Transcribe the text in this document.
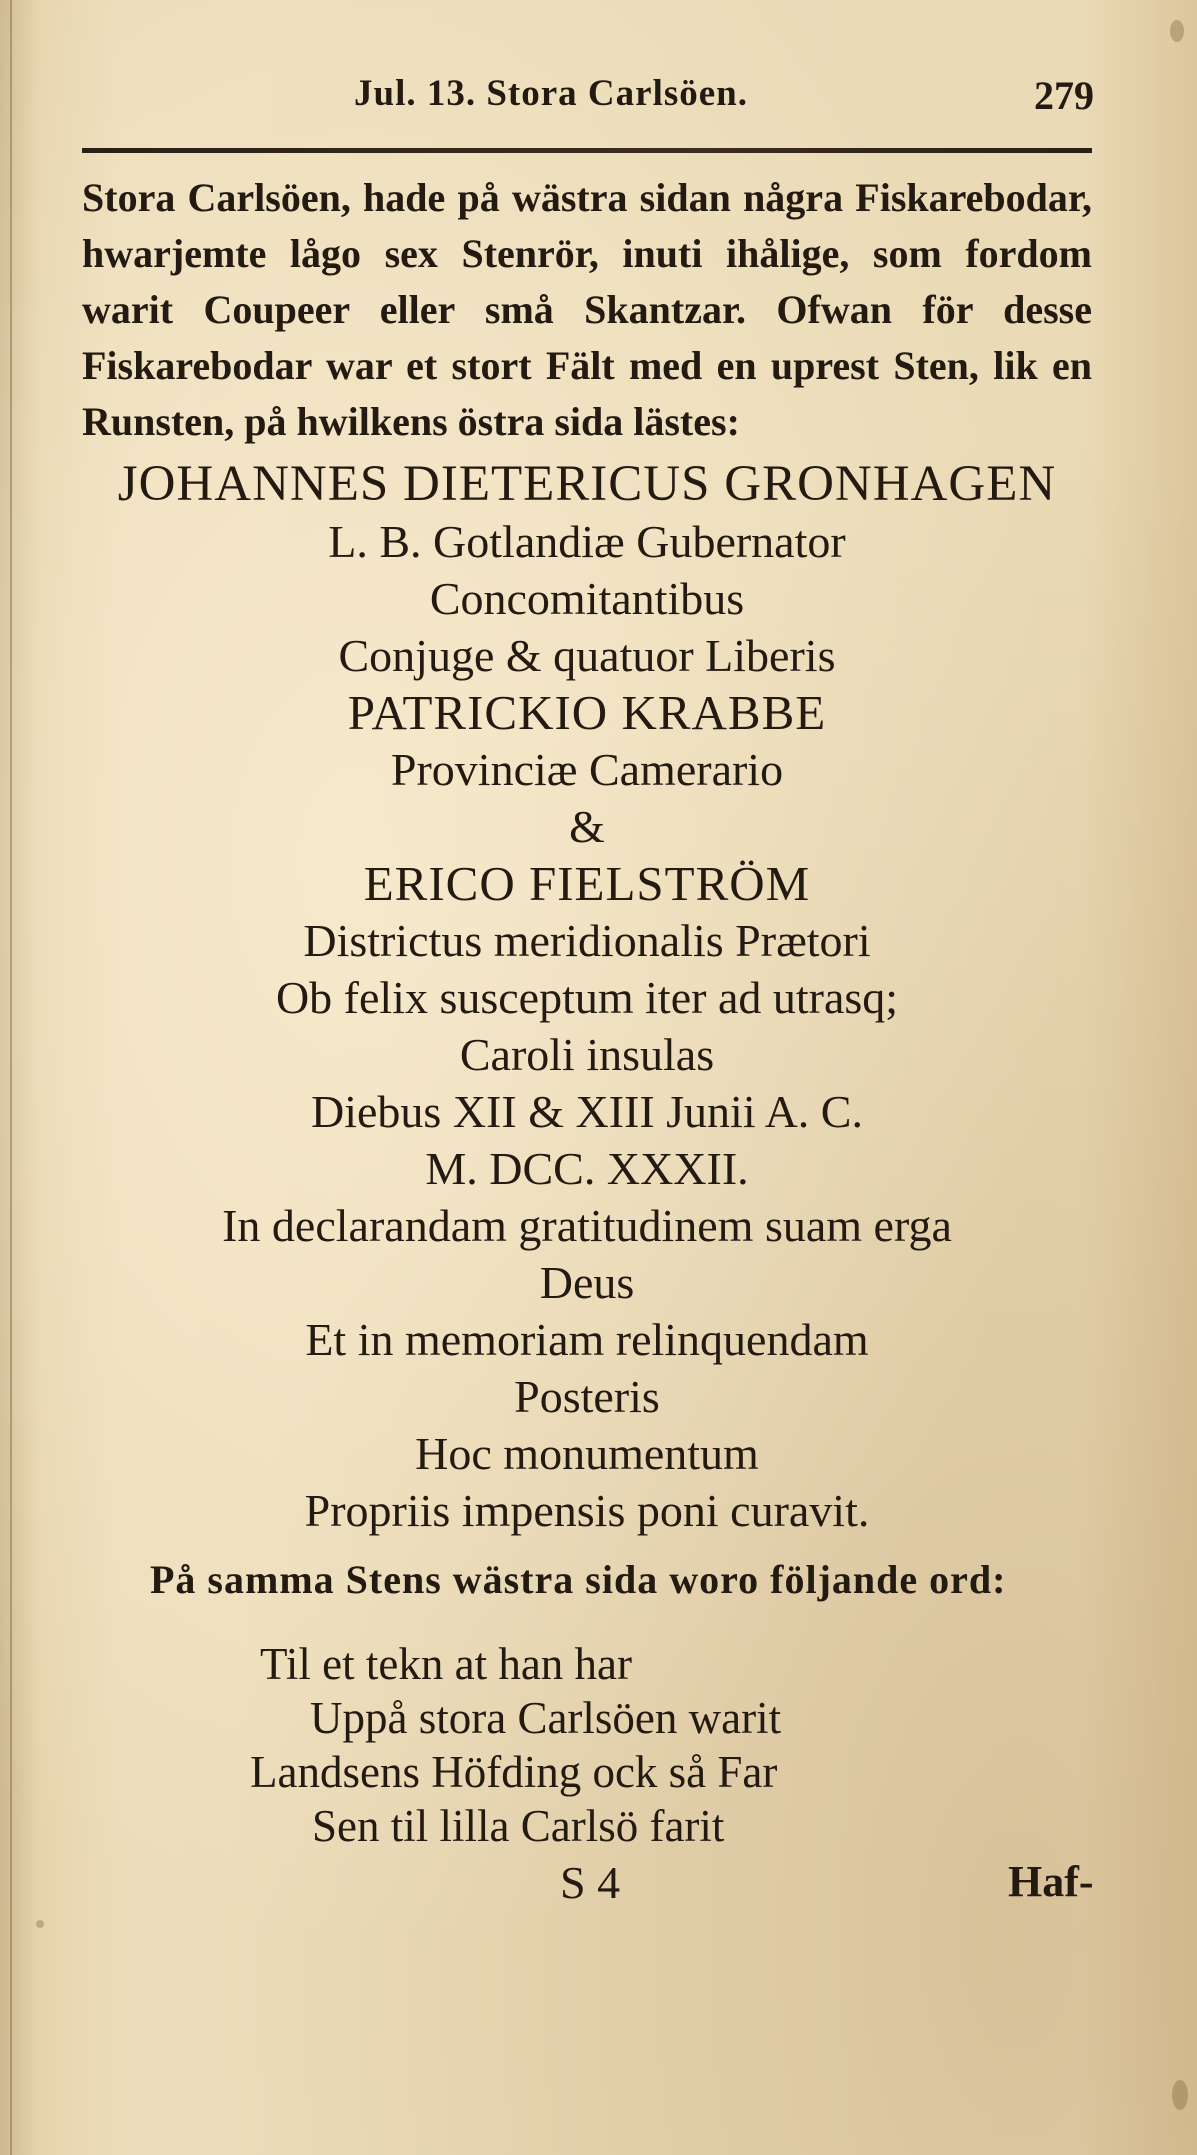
Jul. 13. Stora Carlsöen.	279

Stora Carlsöen, hade på wästra sidan några Fiskarebodar, hwarjemte lågo sex Stenrör, inuti ihålige, som fordom warit Coupeer eller små Skantzar. Ofwan för desse Fiskarebodar war et stort Fält med en uprest Sten, lik en Runsten, på hwilkens östra sida lästes:

JOHANNES DIETERICUS GRONHAGEN
L. B. Gotlandiæ Gubernator
Concomitantibus
Conjuge & quatuor Liberis
PATRICKIO KRABBE
Provinciæ Camerario
&
ERICO FIELSTRÖM
Districtus meridionalis Prætori
Ob felix susceptum iter ad utrasq;
Caroli insulas
Diebus XII & XIII Junii A. C.
M. DCC. XXXII.
In declarandam gratitudinem suam erga
Deus
Et in memoriam relinquendam
Posteris
Hoc monumentum
Propriis impensis poni curavit.
På samma Stens wästra sida woro följande ord:
Til et tekn at han har
Uppå stora Carlsöen warit
Landsens Höfding ock så Far
Sen til lilla Carlsö farit
S 4	Haf-
